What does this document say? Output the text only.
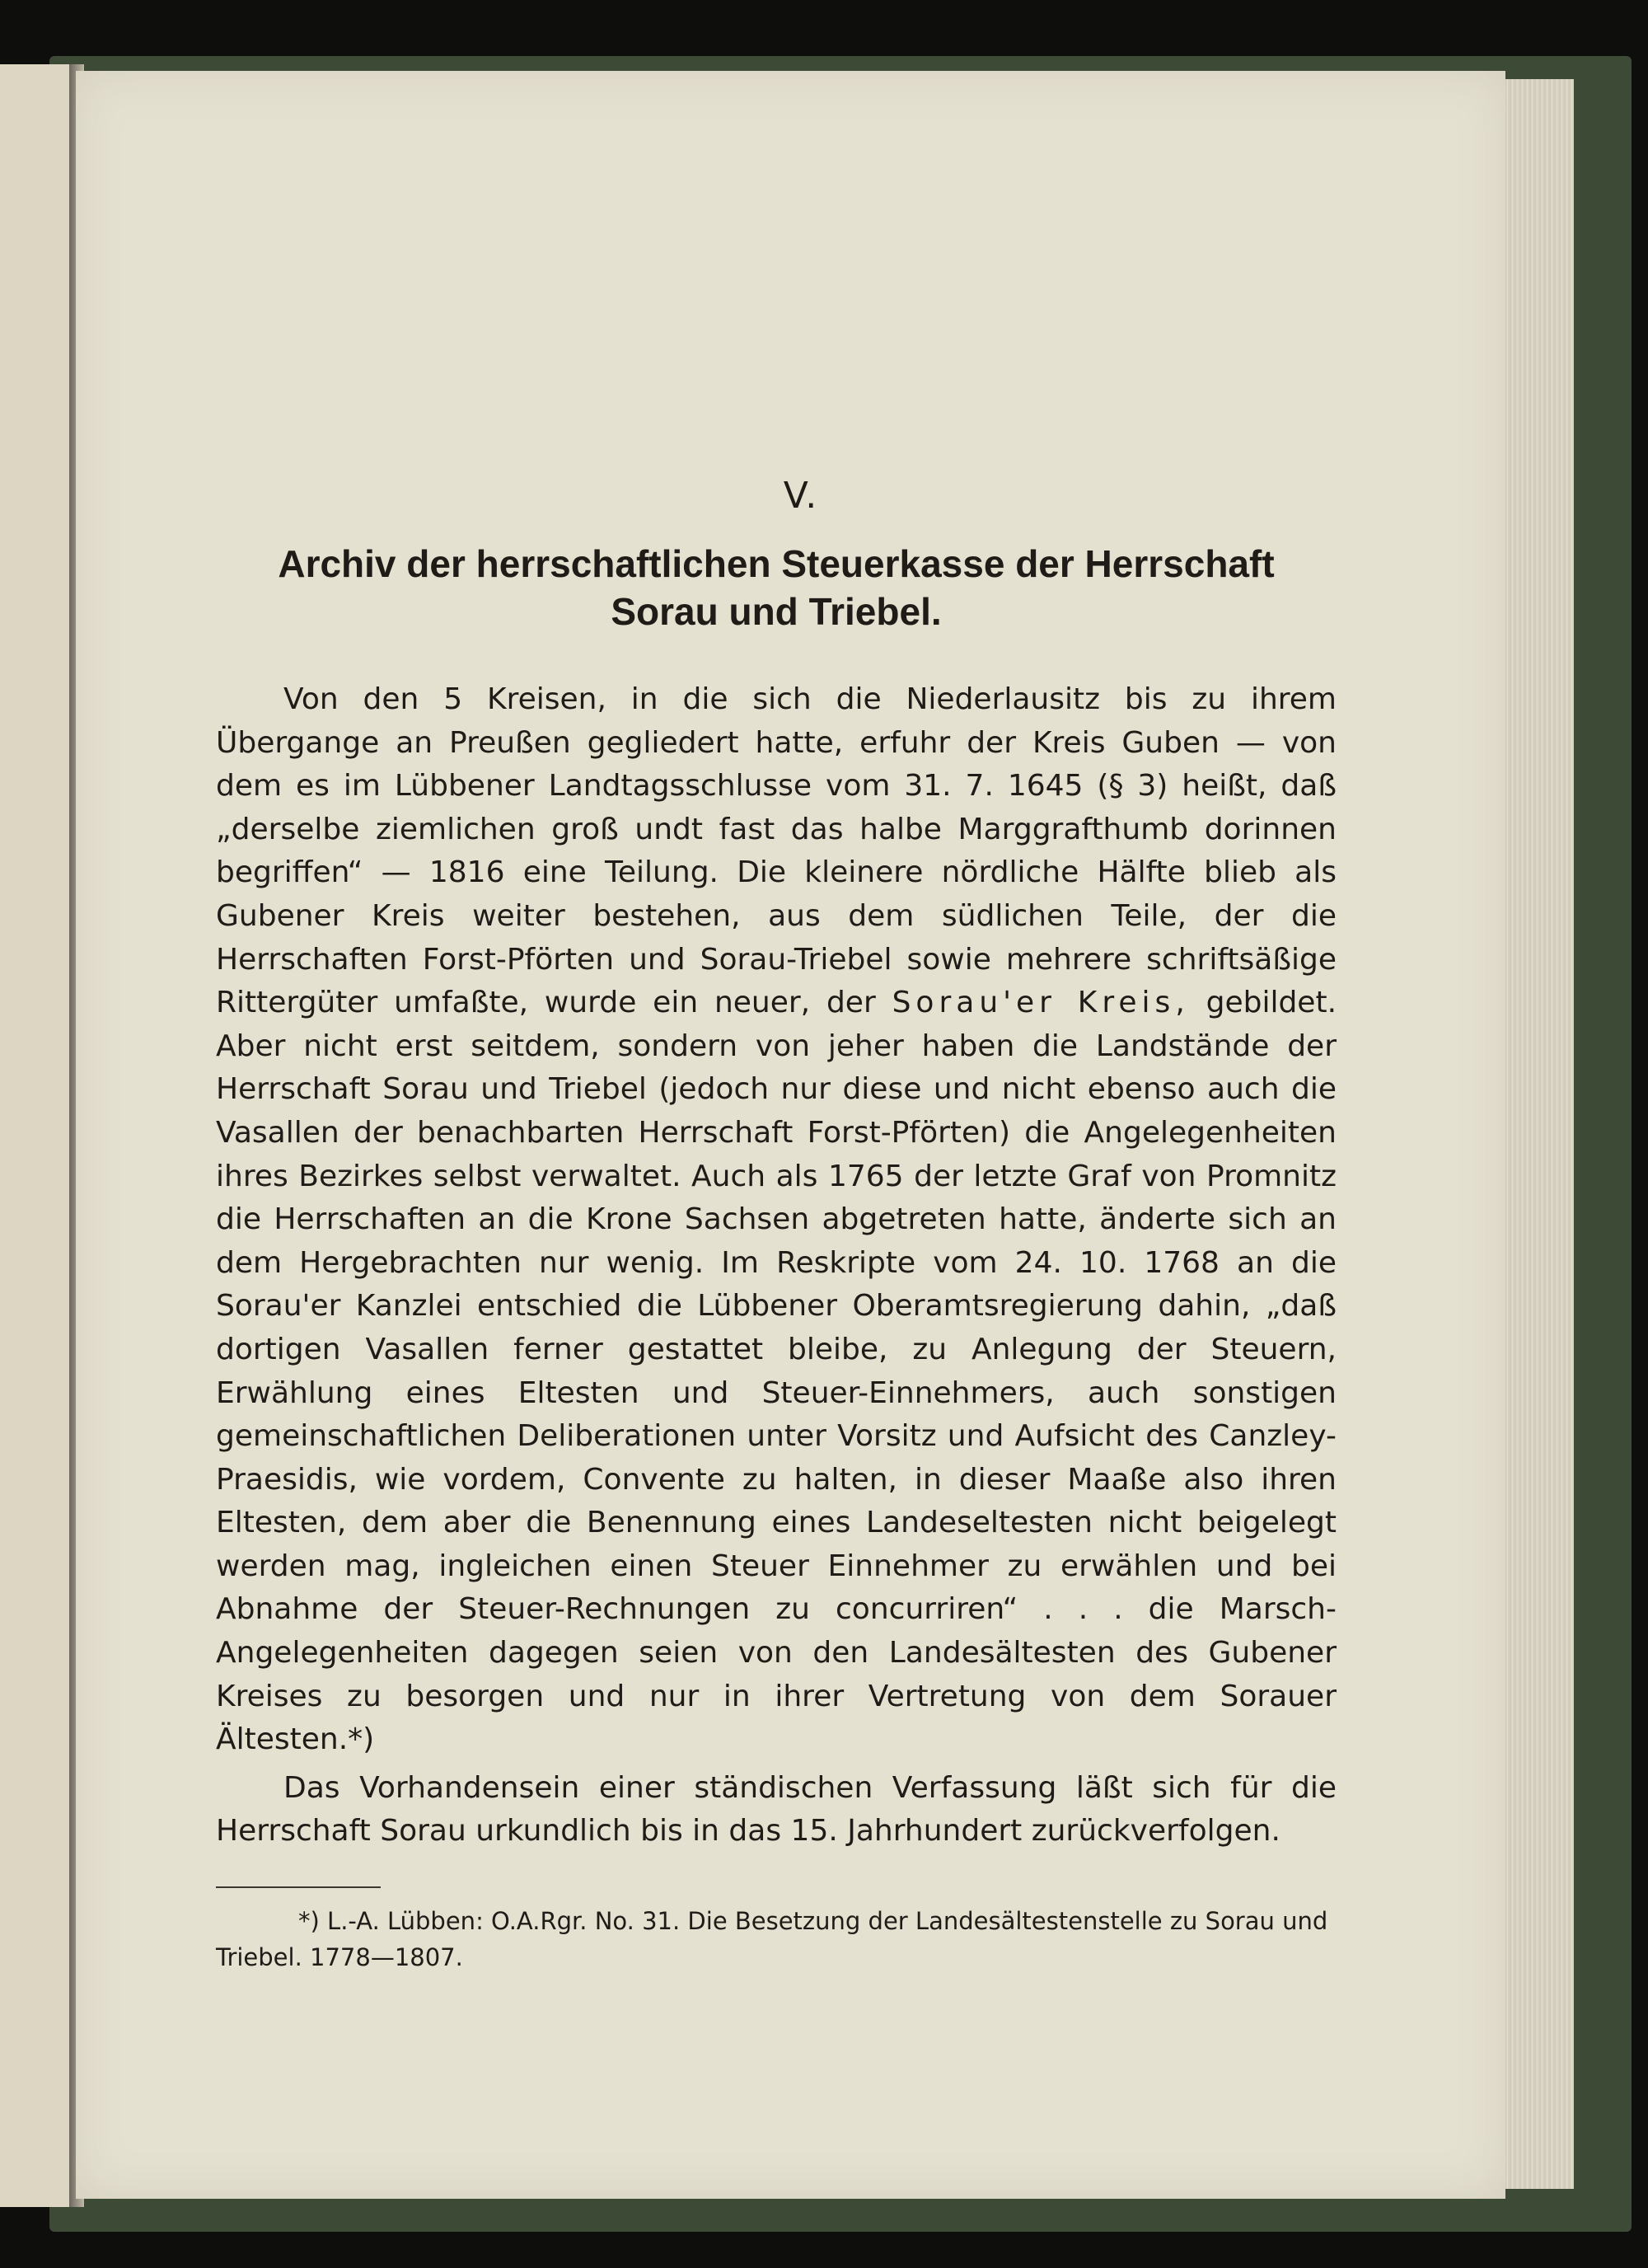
V.
Archiv der herrschaftlichen Steuerkasse der Herrschaft
Sorau und Triebel.

Von den 5 Kreisen, in die sich die Niederlausitz bis zu ihrem Übergange an Preußen gegliedert hatte, erfuhr der Kreis Guben — von dem es im Lübbener Landtagsschlusse vom 31. 7. 1645 (§ 3) heißt, daß „derselbe ziemlichen groß undt fast das halbe Marggrafthumb dorinnen begriffen“ — 1816 eine Teilung. Die kleinere nördliche Hälfte blieb als Gubener Kreis weiter bestehen, aus dem südlichen Teile, der die Herrschaften Forst-Pförten und Sorau-Triebel sowie mehrere schriftsäßige Rittergüter umfaßte, wurde ein neuer, der Sorau'er Kreis, gebildet. Aber nicht erst seitdem, sondern von jeher haben die Landstände der Herrschaft Sorau und Triebel (jedoch nur diese und nicht ebenso auch die Vasallen der benachbarten Herrschaft Forst-Pförten) die Angelegenheiten ihres Bezirkes selbst verwaltet. Auch als 1765 der letzte Graf von Promnitz die Herrschaften an die Krone Sachsen abgetreten hatte, änderte sich an dem Hergebrachten nur wenig. Im Reskripte vom 24. 10. 1768 an die Sorau'er Kanzlei entschied die Lübbener Oberamtsregierung dahin, „daß dortigen Vasallen ferner gestattet bleibe, zu Anlegung der Steuern, Erwählung eines Eltesten und Steuer-Einnehmers, auch sonstigen gemeinschaftlichen Deliberationen unter Vorsitz und Aufsicht des Canzley-Praesidis, wie vordem, Convente zu halten, in dieser Maaße also ihren Eltesten, dem aber die Benennung eines Landeseltesten nicht beigelegt werden mag, ingleichen einen Steuer Einnehmer zu erwählen und bei Abnahme der Steuer-Rechnungen zu concurriren“ . . . die Marsch-Angelegenheiten dagegen seien von den Landesältesten des Gubener Kreises zu besorgen und nur in ihrer Vertretung von dem Sorauer Ältesten.*)

Das Vorhandensein einer ständischen Verfassung läßt sich für die Herrschaft Sorau urkundlich bis in das 15. Jahrhundert zurückverfolgen.

*) L.-A. Lübben: O.A.Rgr. No. 31. Die Besetzung der Landesältestenstelle zu Sorau und Triebel. 1778—1807.
